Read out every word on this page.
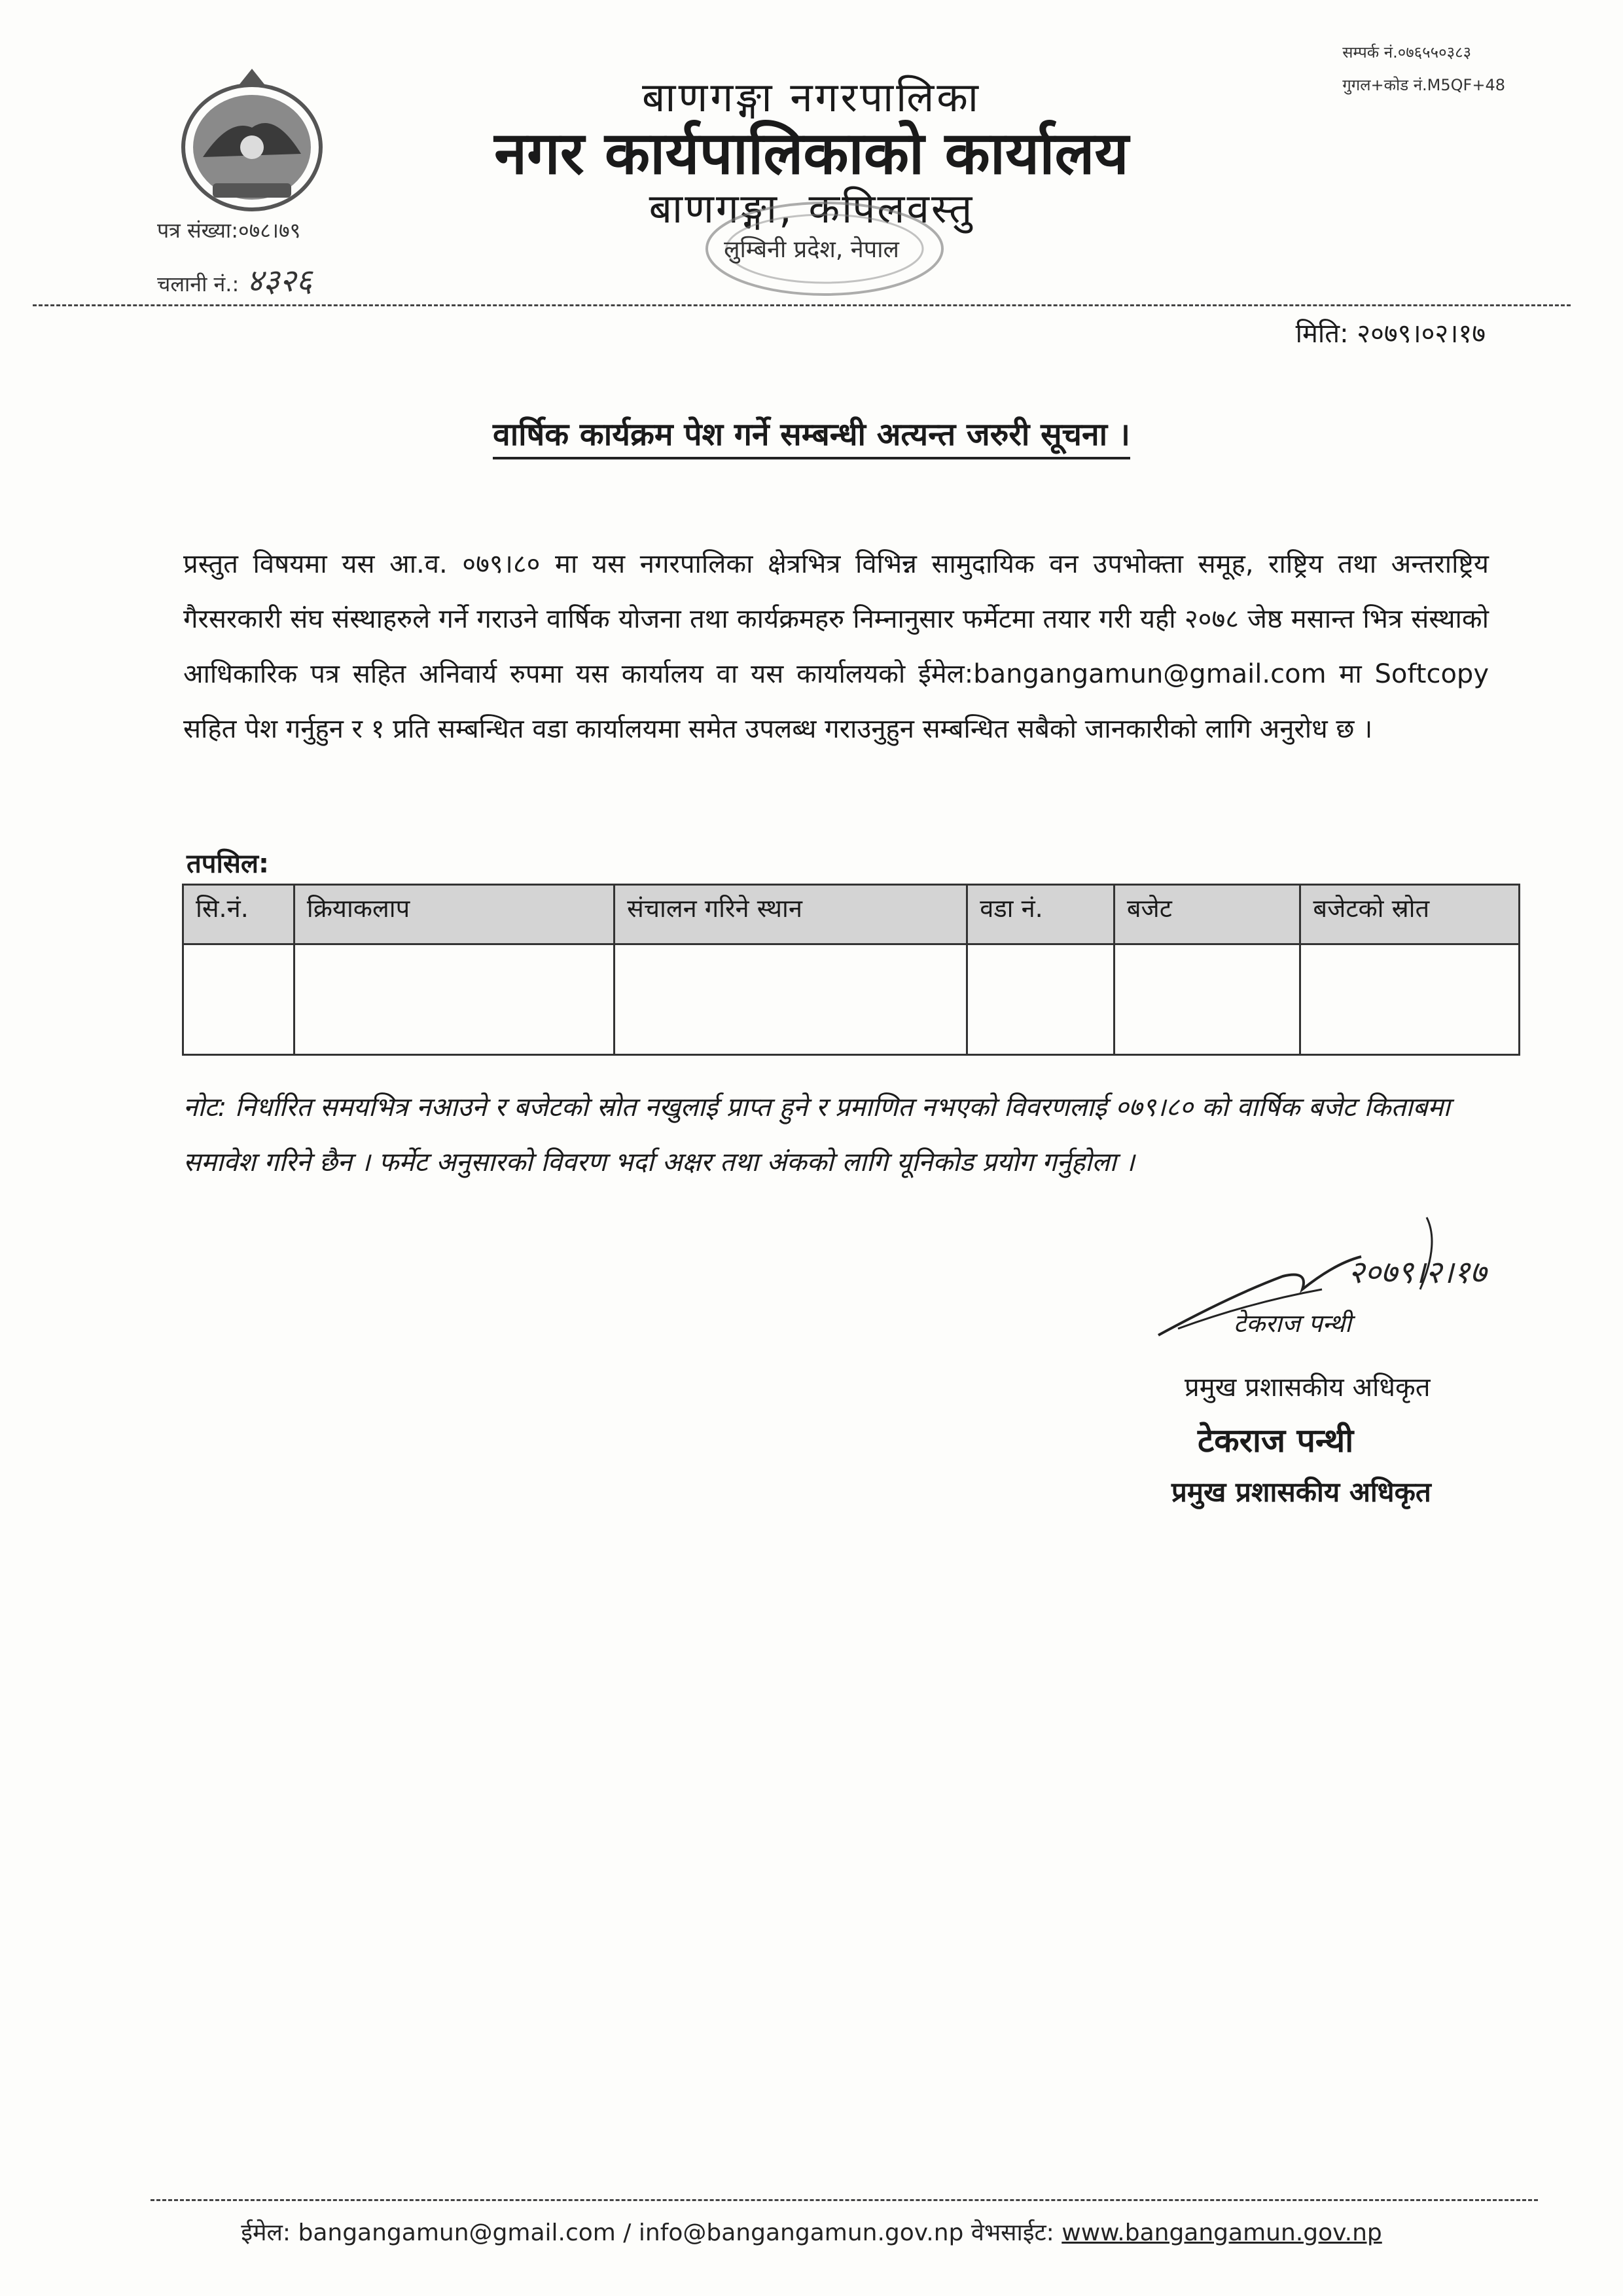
सम्पर्क नं.०७६५५०३८३
गुगल+कोड नं.M5QF+48
बाणगङ्गा नगरपालिका
नगर कार्यपालिकाको कार्यालय
बाणगङ्गा, कपिलवस्तु
लुम्बिनी प्रदेश, नेपाल
पत्र संख्या:०७८।७९
चलानी नं.: ४३२६
मिति: २०७९।०२।१७
वार्षिक कार्यक्रम पेश गर्ने सम्बन्धी अत्यन्त जरुरी सूचना ।
प्रस्तुत विषयमा यस आ.व. ०७९।८० मा यस नगरपालिका क्षेत्रभित्र विभिन्न सामुदायिक वन उपभोक्ता समूह, राष्ट्रिय तथा अन्तराष्ट्रिय गैरसरकारी संघ संस्थाहरुले गर्ने गराउने वार्षिक योजना तथा कार्यक्रमहरु निम्नानुसार फर्मेटमा तयार गरी यही २०७८ जेष्ठ मसान्त भित्र संस्थाको आधिकारिक पत्र सहित अनिवार्य रुपमा यस कार्यालय वा यस कार्यालयको ईमेल:bangangamun@gmail.com मा Softcopy सहित पेश गर्नुहुन र १ प्रति सम्बन्धित वडा कार्यालयमा समेत उपलब्ध गराउनुहुन सम्बन्धित सबैको जानकारीको लागि अनुरोध छ ।
तपसिल:
सि.नं.	क्रियाकलाप	संचालन गरिने स्थान	वडा नं.	बजेट	बजेटको स्रोत

नोट: निर्धारित समयभित्र नआउने र बजेटको स्रोत नखुलाई प्राप्त हुने र प्रमाणित नभएको विवरणलाई ०७९।८० को वार्षिक बजेट किताबमा समावेश गरिने छैन । फर्मेट अनुसारको विवरण भर्दा अक्षर तथा अंकको लागि यूनिकोड प्रयोग गर्नुहोला ।
२०७९।२।१७
टेकराज पन्थी
प्रमुख प्रशासकीय अधिकृत
टेकराज पन्थी
प्रमुख प्रशासकीय अधिकृत
ईमेल: bangangamun@gmail.com / info@bangangamun.gov.np वेभसाईट: www.bangangamun.gov.np
